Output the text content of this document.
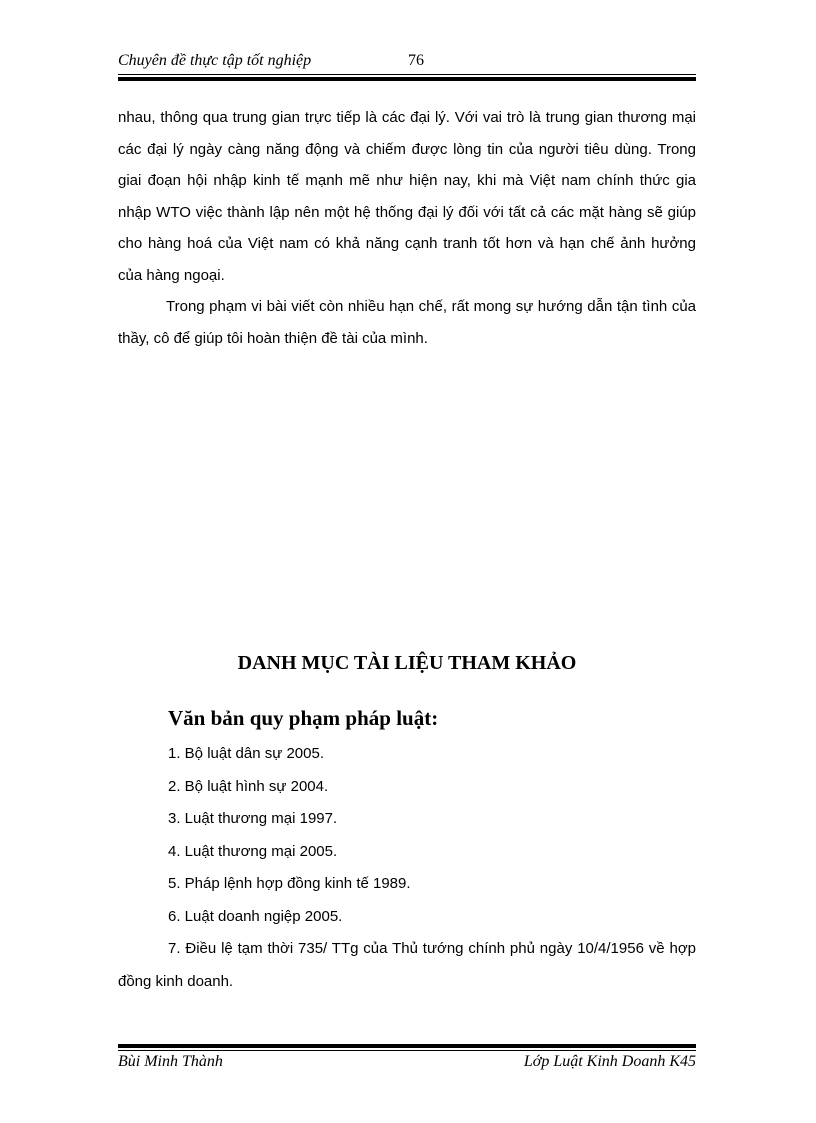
Chuyên đề thực tập tốt nghiệp	76

nhau, thông qua trung gian trực tiếp là các đại lý. Với vai trò là trung gian thương mại các đại lý ngày càng năng động và chiếm được lòng tin của người tiêu dùng. Trong giai đoạn hội nhập kinh tế mạnh mẽ như hiện nay, khi mà Việt nam chính thức gia nhập WTO việc thành lập nên một hệ thống đại lý đối với tất cả các mặt hàng sẽ giúp cho hàng hoá của Việt nam có khả năng cạnh tranh tốt hơn và hạn chế ảnh hưởng của hàng ngoại.

Trong phạm vi bài viết còn nhiều hạn chế, rất mong sự hướng dẫn tận tình của thầy, cô để giúp tôi hoàn thiện đề tài của mình.

DANH MỤC TÀI LIỆU THAM KHẢO
Văn bản quy phạm pháp luật:
1. Bộ luật dân sự 2005.
2. Bộ luật hình sự 2004.
3. Luật thương mại 1997.
4. Luật thương mại 2005.
5. Pháp lệnh hợp đồng kinh tế 1989.
6. Luật doanh ngiệp 2005.
7. Điều lệ tạm thời 735/ TTg của Thủ tướng chính phủ ngày 10/4/1956 về hợp đồng kinh doanh.
Bùi Minh Thành	Lớp Luật Kinh Doanh K45
